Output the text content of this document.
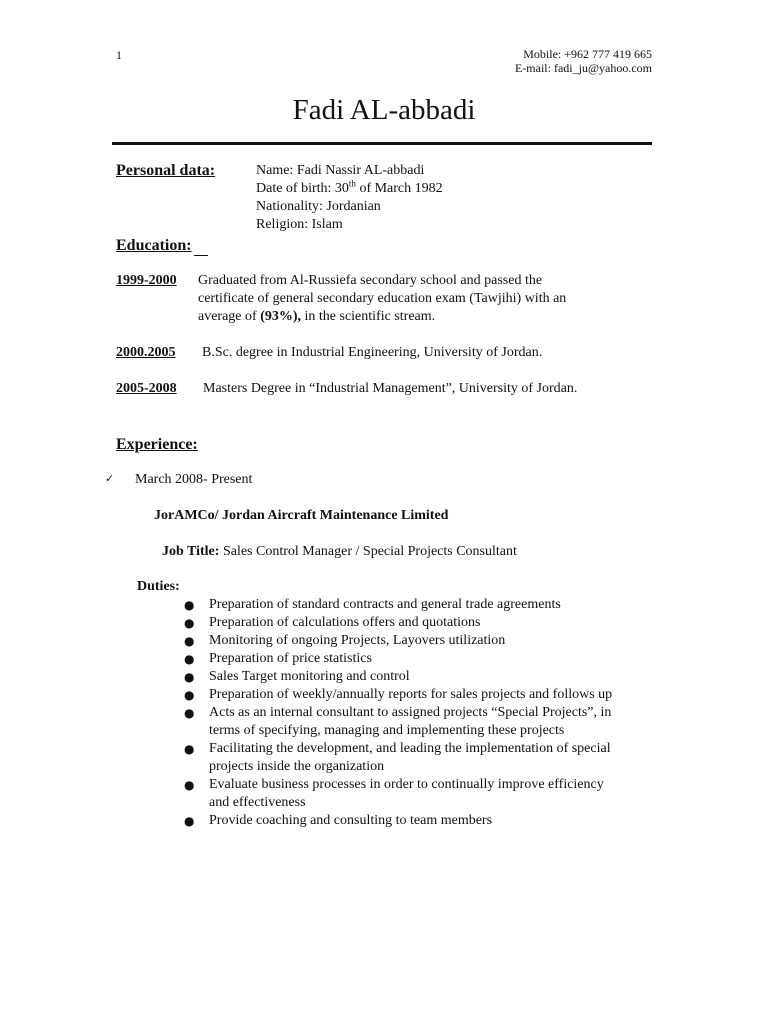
1	Mobile: +962 777 419 665
E-mail: fadi_ju@yahoo.com
Fadi AL-abbadi
Personal data:	Name: Fadi Nassir AL-abbadi
Date of birth: 30th of March 1982
Nationality: Jordanian
Religion: Islam
Education:
1999-2000 Graduated from Al-Russiefa secondary school and passed the
certificate of general secondary education exam (Tawjihi) with an
average of (93%), in the scientific stream.
2000.2005 B.Sc. degree in Industrial Engineering, University of Jordan.
2005-2008 Masters Degree in “Industrial Management”, University of Jordan.
Experience:
✓ March 2008- Present
JorAMCo/ Jordan Aircraft Maintenance Limited
Job Title: Sales Control Manager / Special Projects Consultant
Duties:
● Preparation of standard contracts and general trade agreements
● Preparation of calculations offers and quotations
● Monitoring of ongoing Projects, Layovers utilization
● Preparation of price statistics
● Sales Target monitoring and control
● Preparation of weekly/annually reports for sales projects and follows up
● Acts as an internal consultant to assigned projects “Special Projects”, in terms of specifying, managing and implementing these projects
● Facilitating the development, and leading the implementation of special projects inside the organization
● Evaluate business processes in order to continually improve efficiency and effectiveness
● Provide coaching and consulting to team members
